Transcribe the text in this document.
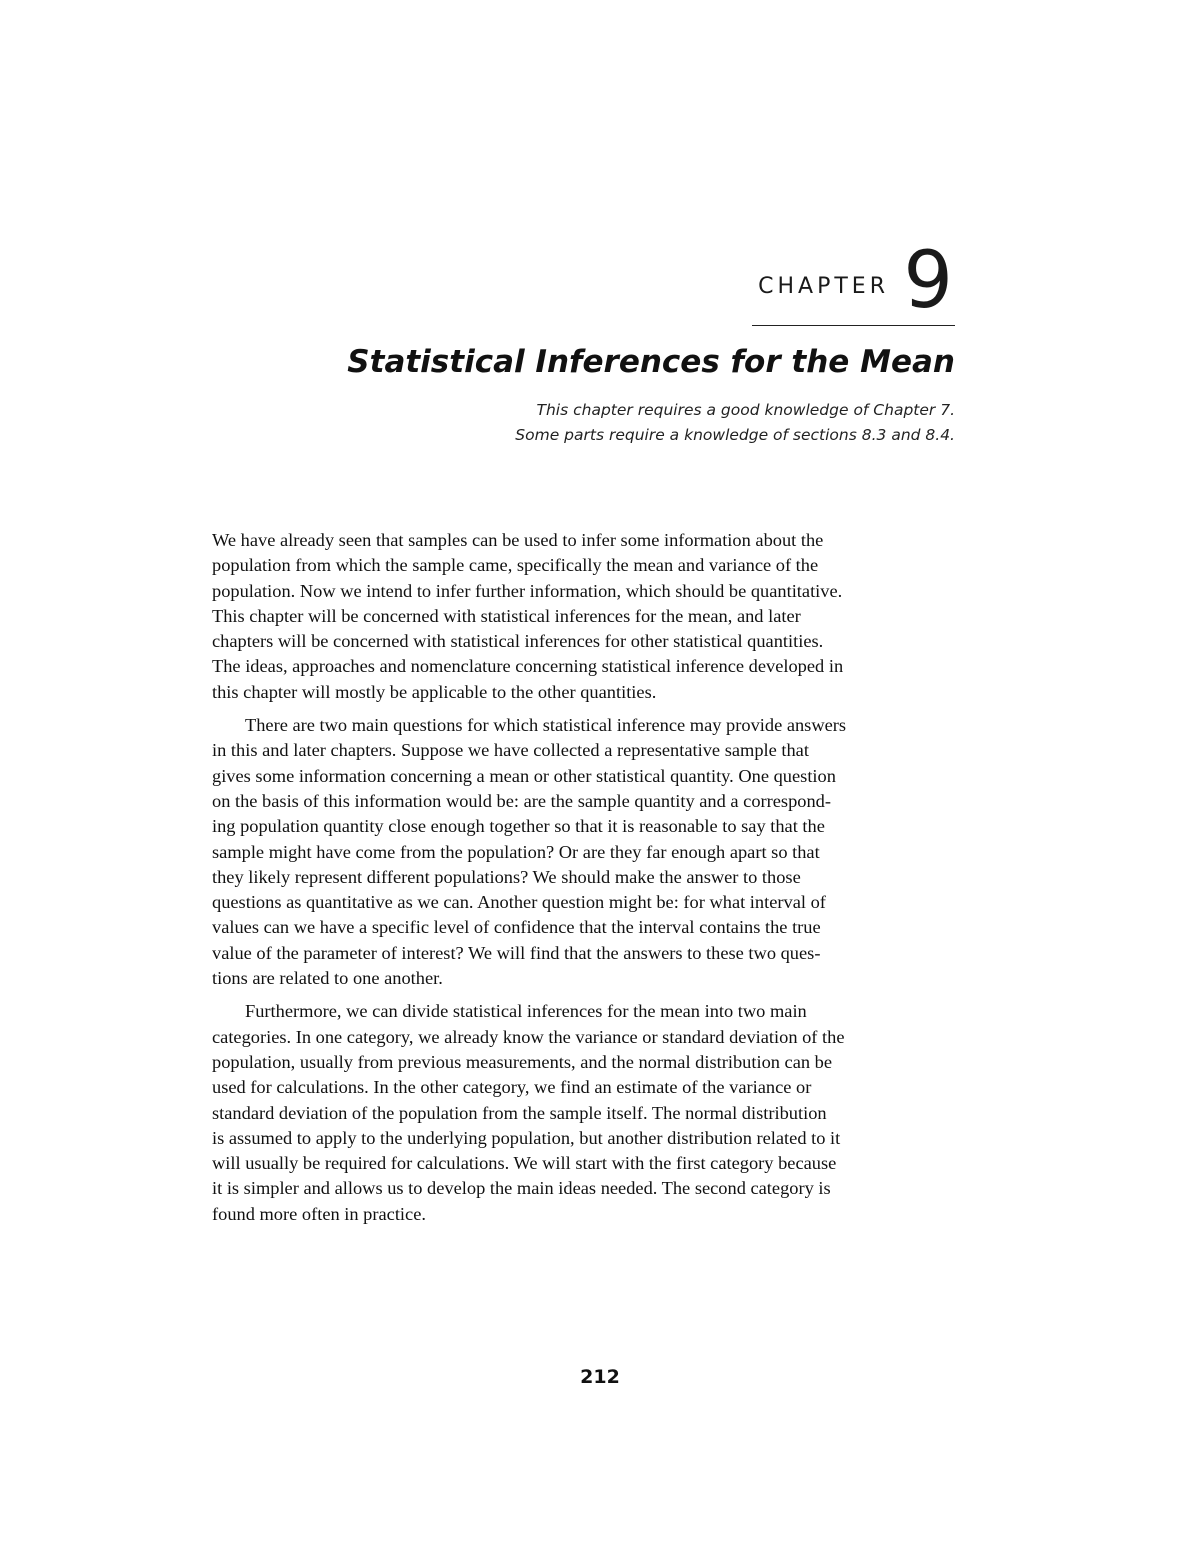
CHAPTER 9
Statistical Inferences for the Mean
This chapter requires a good knowledge of Chapter 7.
Some parts require a knowledge of sections 8.3 and 8.4.

We have already seen that samples can be used to infer some information about the
population from which the sample came, specifically the mean and variance of the
population. Now we intend to infer further information, which should be quantitative.
This chapter will be concerned with statistical inferences for the mean, and later
chapters will be concerned with statistical inferences for other statistical quantities.
The ideas, approaches and nomenclature concerning statistical inference developed in
this chapter will mostly be applicable to the other quantities.

There are two main questions for which statistical inference may provide answers
in this and later chapters. Suppose we have collected a representative sample that
gives some information concerning a mean or other statistical quantity. One question
on the basis of this information would be: are the sample quantity and a correspond-
ing population quantity close enough together so that it is reasonable to say that the
sample might have come from the population? Or are they far enough apart so that
they likely represent different populations? We should make the answer to those
questions as quantitative as we can. Another question might be: for what interval of
values can we have a specific level of confidence that the interval contains the true
value of the parameter of interest? We will find that the answers to these two ques-
tions are related to one another.

Furthermore, we can divide statistical inferences for the mean into two main
categories. In one category, we already know the variance or standard deviation of the
population, usually from previous measurements, and the normal distribution can be
used for calculations. In the other category, we find an estimate of the variance or
standard deviation of the population from the sample itself. The normal distribution
is assumed to apply to the underlying population, but another distribution related to it
will usually be required for calculations. We will start with the first category because
it is simpler and allows us to develop the main ideas needed. The second category is
found more often in practice.

212
